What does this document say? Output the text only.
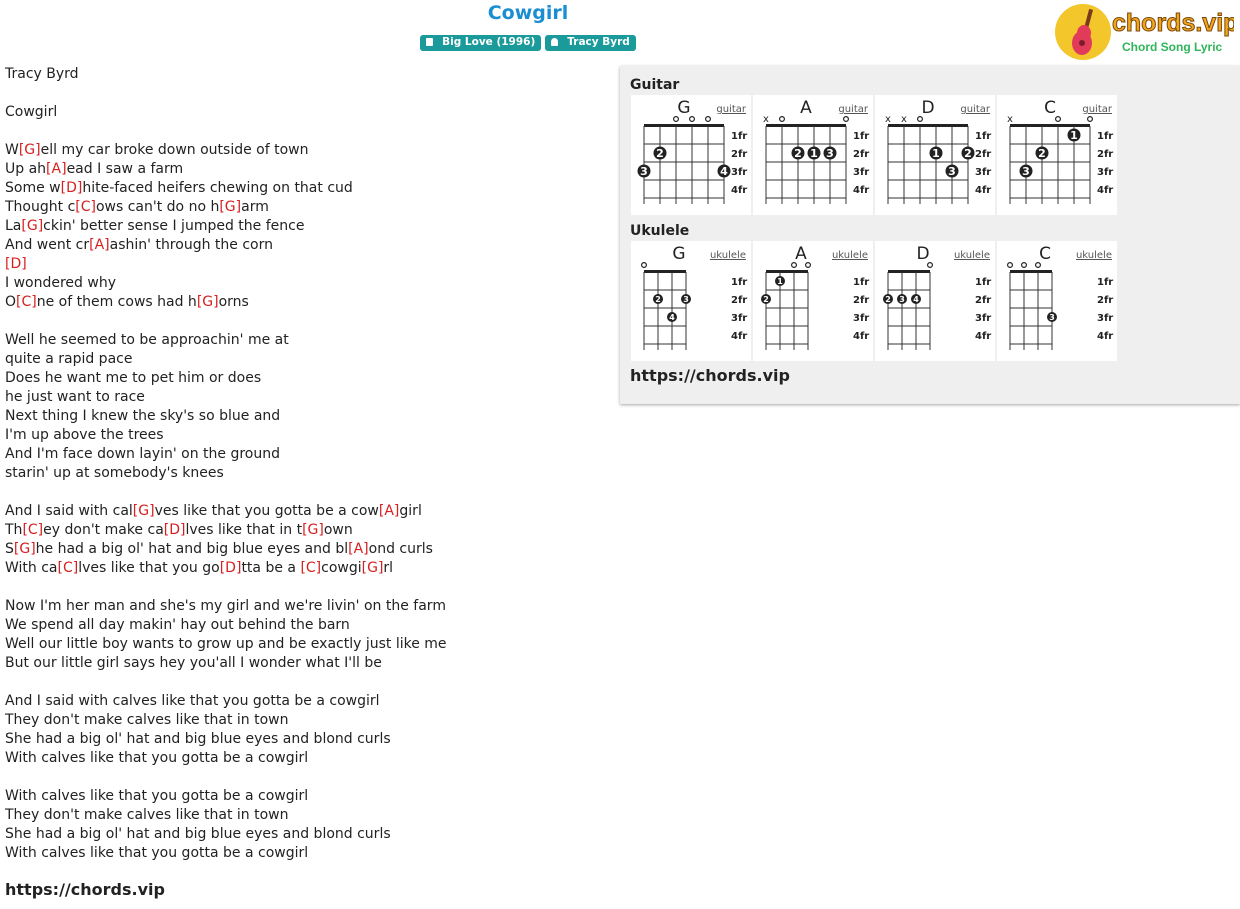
Cowgirl
Big Love (1996)	Tracy Byrd
chords.vip
Chord Song Lyric
Tracy Byrd
Cowgirl
W[G]ell my car broke down outside of town
Up ah[A]ead I saw a farm
Some w[D]hite-faced heifers chewing on that cud
Thought c[C]ows can't do no h[G]arm
La[G]ckin' better sense I jumped the fence
And went cr[A]ashin' through the corn
[D]
I wondered why
O[C]ne of them cows had h[G]orns
Well he seemed to be approachin' me at
quite a rapid pace
Does he want me to pet him or does
he just want to race
Next thing I knew the sky's so blue and
I'm up above the trees
And I'm face down layin' on the ground
starin' up at somebody's knees
And I said with cal[G]ves like that you gotta be a cow[A]girl
Th[C]ey don't make ca[D]lves like that in t[G]own
S[G]he had a big ol' hat and big blue eyes and bl[A]ond curls
With ca[C]lves like that you go[D]tta be a [C]cowgi[G]rl
Now I'm her man and she's my girl and we're livin' on the farm
We spend all day makin' hay out behind the barn
Well our little boy wants to grow up and be exactly just like me
But our little girl says hey you'all I wonder what I'll be
And I said with calves like that you gotta be a cowgirl
They don't make calves like that in town
She had a big ol' hat and big blue eyes and blond curls
With calves like that you gotta be a cowgirl
With calves like that you gotta be a cowgirl
They don't make calves like that in town
She had a big ol' hat and big blue eyes and blond curls
With calves like that you gotta be a cowgirl
https://chords.vip
Guitar
G	guitar
1fr
2fr
3fr
4fr
2
3	4
A	guitar
x
1fr
2fr
3fr
4fr
2 1 3
D	guitar
x x
1fr
2fr
3fr
4fr
1 2
3
C	guitar
x
1fr
2fr
3fr
4fr
1
2
3
Ukulele
G ukulele
1fr
2fr
3fr
4fr
2	3
4
A	ukulele
1fr
2fr
3fr
4fr
2
1
D ukulele
1fr
2fr
3fr
4fr
2 3 4
C	ukulele
1fr
2fr
3fr
4fr
3
https://chords.vip
